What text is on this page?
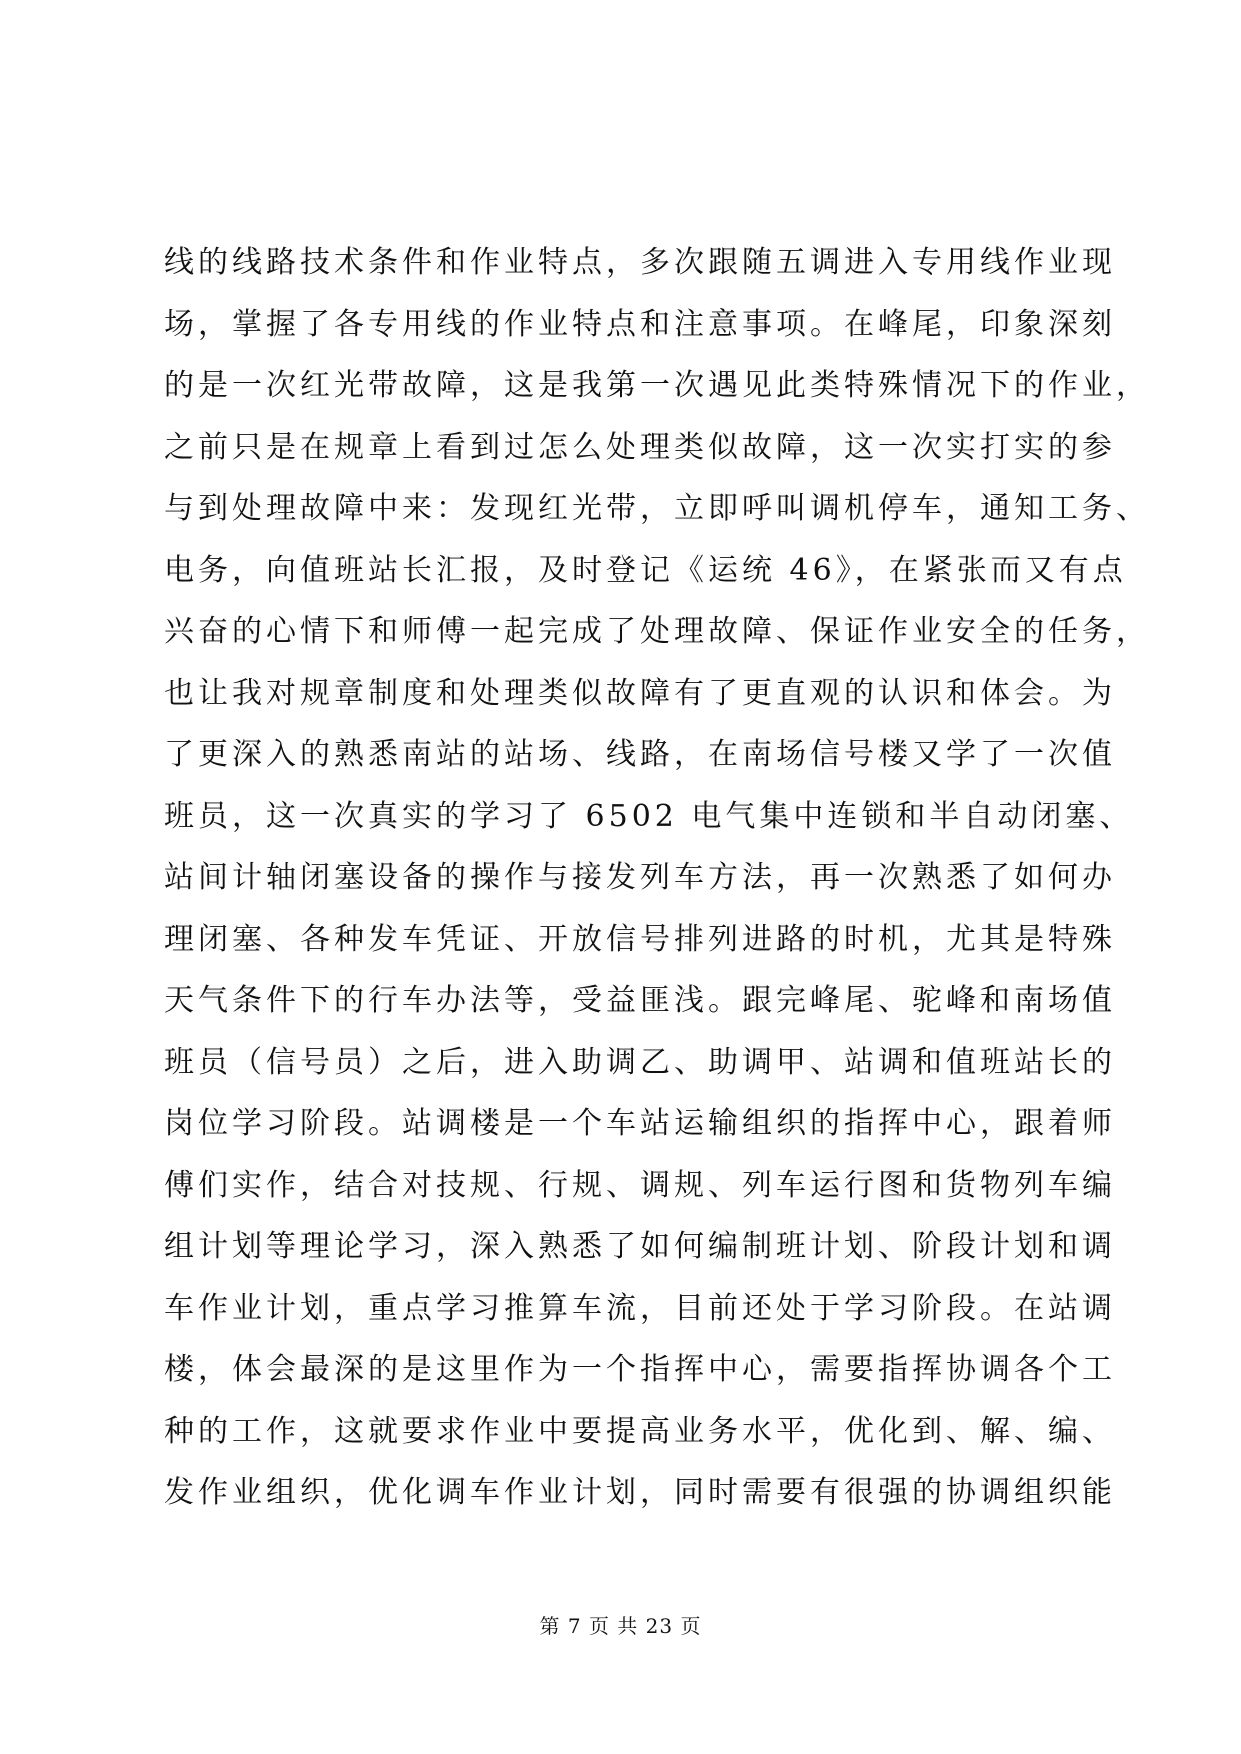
线的线路技术条件和作业特点，多次跟随五调进入专用线作业现
场，掌握了各专用线的作业特点和注意事项。在峰尾，印象深刻
的是一次红光带故障，这是我第一次遇见此类特殊情况下的作业，
之前只是在规章上看到过怎么处理类似故障，这一次实打实的参
与到处理故障中来：发现红光带，立即呼叫调机停车，通知工务、
电务，向值班站长汇报，及时登记《运统 46》，在紧张而又有点
兴奋的心情下和师傅一起完成了处理故障、保证作业安全的任务，
也让我对规章制度和处理类似故障有了更直观的认识和体会。为
了更深入的熟悉南站的站场、线路，在南场信号楼又学了一次值
班员，这一次真实的学习了 6502 电气集中连锁和半自动闭塞、
站间计轴闭塞设备的操作与接发列车方法，再一次熟悉了如何办
理闭塞、各种发车凭证、开放信号排列进路的时机，尤其是特殊
天气条件下的行车办法等，受益匪浅。跟完峰尾、驼峰和南场值
班员（信号员）之后，进入助调乙、助调甲、站调和值班站长的
岗位学习阶段。站调楼是一个车站运输组织的指挥中心，跟着师
傅们实作，结合对技规、行规、调规、列车运行图和货物列车编
组计划等理论学习，深入熟悉了如何编制班计划、阶段计划和调
车作业计划，重点学习推算车流，目前还处于学习阶段。在站调
楼，体会最深的是这里作为一个指挥中心，需要指挥协调各个工
种的工作，这就要求作业中要提高业务水平，优化到、解、编、
发作业组织，优化调车作业计划，同时需要有很强的协调组织能
第 7 页 共 23 页
